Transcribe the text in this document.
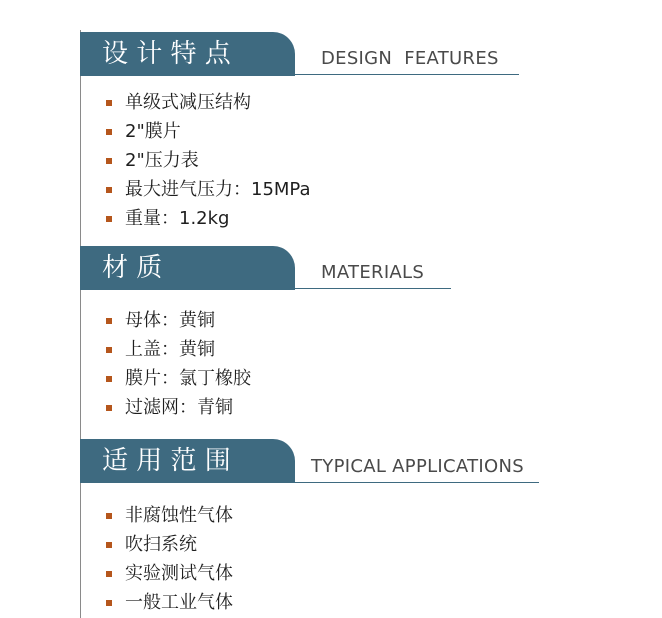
设 计 特 点	DESIGN  FEATURES
单级式减压结构
2"膜片
2"压力表
最大进气压力：15MPa
重量：1.2kg
材 质	MATERIALS
母体：黄铜
上盖：黄铜
膜片：氯丁橡胶
过滤网：青铜
适 用 范 围	TYPICAL APPLICATIONS
非腐蚀性气体
吹扫系统
实验测试气体
一般工业气体
